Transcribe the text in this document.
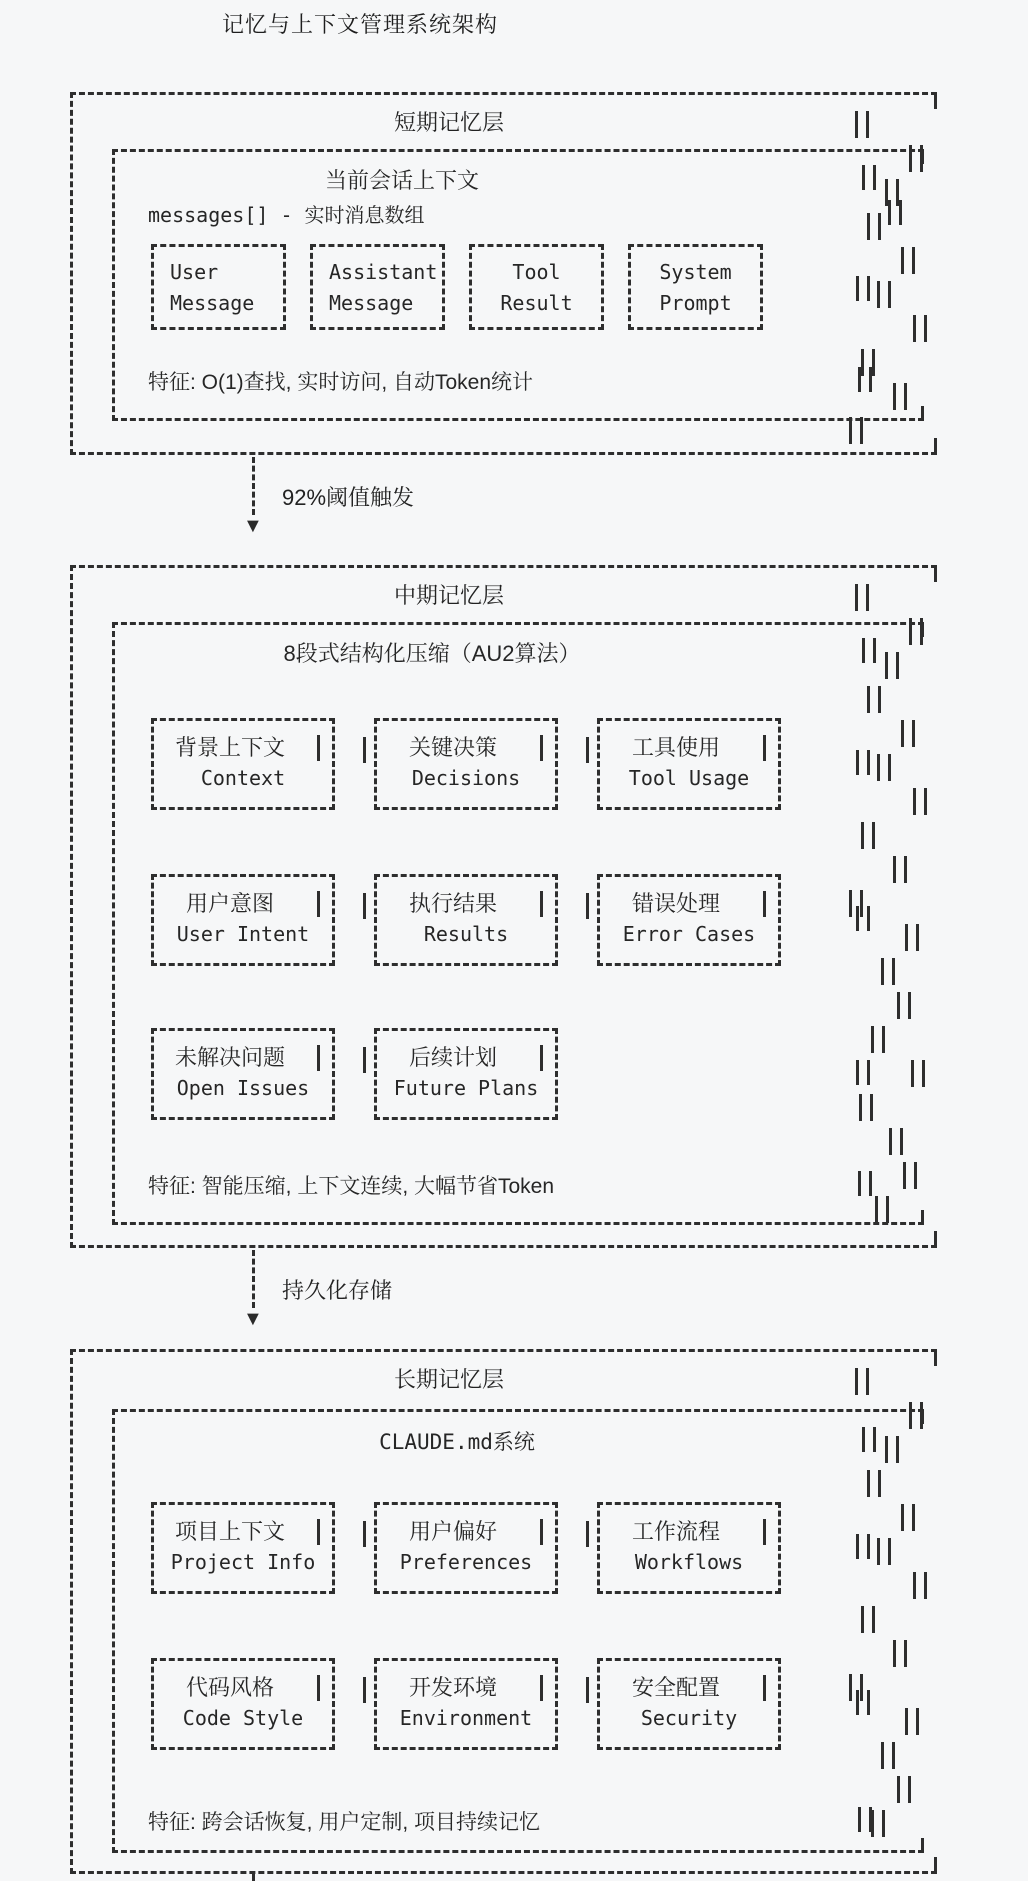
记忆与上下文管理系统架构
短期记忆层
当前会话上下文
messages[] - 实时消息数组
User
Message
Assistant
Message
Tool
Result
System
Prompt
特征: O(1)查找, 实时访问, 自动Token统计
92%阈值触发
▼
中期记忆层
8段式结构化压缩（AU2算法）
背景上下文
Context
关键决策
Decisions
工具使用
Tool Usage
用户意图
User Intent
执行结果
Results
错误处理
Error Cases
未解决问题
Open Issues
后续计划
Future Plans
特征: 智能压缩, 上下文连续, 大幅节省Token
持久化存储
▼
长期记忆层
CLAUDE.md系统
项目上下文
Project Info
用户偏好
Preferences
工作流程
Workflows
代码风格
Code Style
开发环境
Environment
安全配置
Security
特征: 跨会话恢复, 用户定制, 项目持续记忆
